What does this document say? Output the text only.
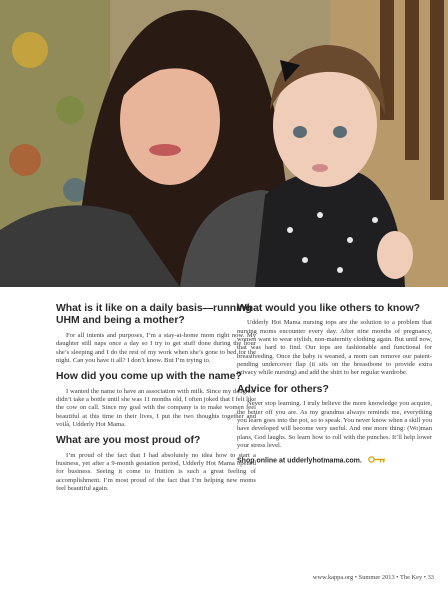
What is it like on a daily basis—running UHM and being a mother?

For all intents and purposes, I’m a stay-at-home mom right now. My daughter still naps once a day so I try to get stuff done during the hour she’s sleeping and I do the rest of my work when she’s gone to bed for the night. Can you have it all? I don’t know. But I’m trying to.

How did you come up with the name?

I wanted the name to have an association with milk. Since my daughter didn’t take a bottle until she was 11 months old, I often joked that I felt like the cow on call. Since my goal with the company is to make women feel beautiful at this time in their lives, I put the two thoughts together and voilà, Udderly Hot Mama.

What are you most proud of?

I’m proud of the fact that I had absolutely no idea how to start a business, yet after a 9-month gestation period, Udderly Hot Mama opened for business. Seeing it come to fruition is such a great feeling of accomplishment. I’m most proud of the fact that I’m helping new moms feel beautiful again.

What would you like others to know?

Udderly Hot Mama nursing tops are the solution to a problem that nursing moms encounter every day. After nine months of pregnancy, women want to wear stylish, non-maternity clothing again. But until now, that was hard to find. Our tops are fashionable and functional for breastfeeding. Once the baby is weaned, a mom can remove our patent-pending undercover flap (it sits on the breastbone to provide extra privacy while nursing) and add the shirt to her regular wardrobe.

Advice for others?

Never stop learning. I truly believe the more knowledge you acquire, the better off you are. As my grandma always reminds me, everything you learn goes into the pot, so to speak. You never know when a skill you have developed will become very useful. And one more thing: (Wo)man plans, God laughs. So learn how to roll with the punches. It’ll help lower your stress level.

Shop online at udderlyhotmama.com.
www.kappa.org • Summer 2013 • The Key • 33
